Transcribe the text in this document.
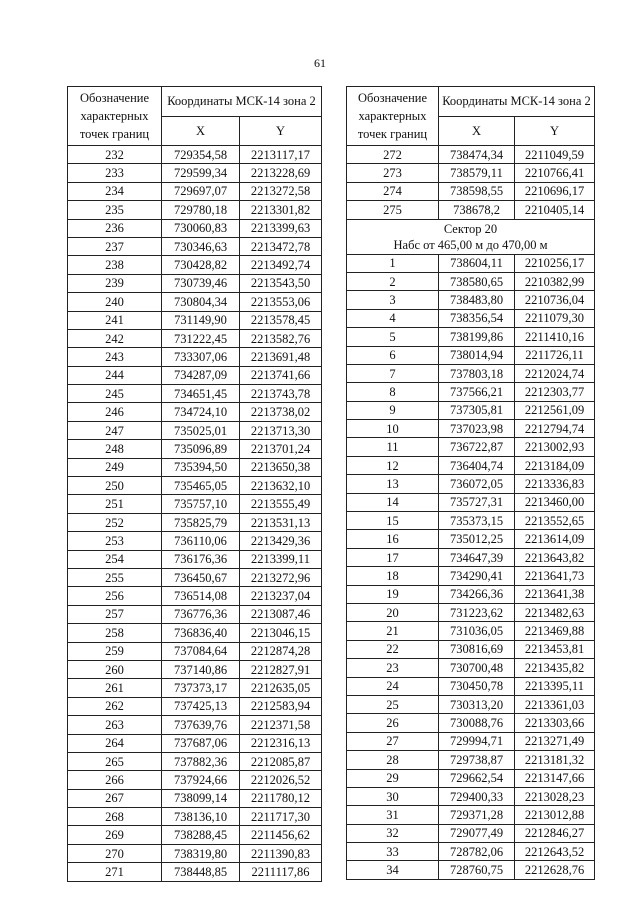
61
Обозначение характерных точек границ	Координаты МСК-14 зона 2	
	X	Y
232	729354,58	2213117,17
233	729599,34	2213228,69
234	729697,07	2213272,58
235	729780,18	2213301,82
236	730060,83	2213399,63
237	730346,63	2213472,78
238	730428,82	2213492,74
239	730739,46	2213543,50
240	730804,34	2213553,06
241	731149,90	2213578,45
242	731222,45	2213582,76
243	733307,06	2213691,48
244	734287,09	2213741,66
245	734651,45	2213743,78
246	734724,10	2213738,02
247	735025,01	2213713,30
248	735096,89	2213701,24
249	735394,50	2213650,38
250	735465,05	2213632,10
251	735757,10	2213555,49
252	735825,79	2213531,13
253	736110,06	2213429,36
254	736176,36	2213399,11
255	736450,67	2213272,96
256	736514,08	2213237,04
257	736776,36	2213087,46
258	736836,40	2213046,15
259	737084,64	2212874,28
260	737140,86	2212827,91
261	737373,17	2212635,05
262	737425,13	2212583,94
263	737639,76	2212371,58
264	737687,06	2212316,13
265	737882,36	2212085,87
266	737924,66	2212026,52
267	738099,14	2211780,12
268	738136,10	2211717,30
269	738288,45	2211456,62
270	738319,80	2211390,83
271	738448,85	2211117,86
Обозначение характерных точек границ	Координаты МСК-14 зона 2	
	X	Y
272	738474,34	2211049,59
273	738579,11	2210766,41
274	738598,55	2210696,17
275	738678,2	2210405,14

Сектор 20
Набс от 465,00 м до 470,00 м		

1	738604,11	2210256,17
2	738580,65	2210382,99
3	738483,80	2210736,04
4	738356,54	2211079,30
5	738199,86	2211410,16
6	738014,94	2211726,11
7	737803,18	2212024,74
8	737566,21	2212303,77
9	737305,81	2212561,09
10	737023,98	2212794,74
11	736722,87	2213002,93
12	736404,74	2213184,09
13	736072,05	2213336,83
14	735727,31	2213460,00
15	735373,15	2213552,65
16	735012,25	2213614,09
17	734647,39	2213643,82
18	734290,41	2213641,73
19	734266,36	2213641,38
20	731223,62	2213482,63
21	731036,05	2213469,88
22	730816,69	2213453,81
23	730700,48	2213435,82
24	730450,78	2213395,11
25	730313,20	2213361,03
26	730088,76	2213303,66
27	729994,71	2213271,49
28	729738,87	2213181,32
29	729662,54	2213147,66
30	729400,33	2213028,23
31	729371,28	2213012,88
32	729077,49	2212846,27
33	728782,06	2212643,52
34	728760,75	2212628,76
